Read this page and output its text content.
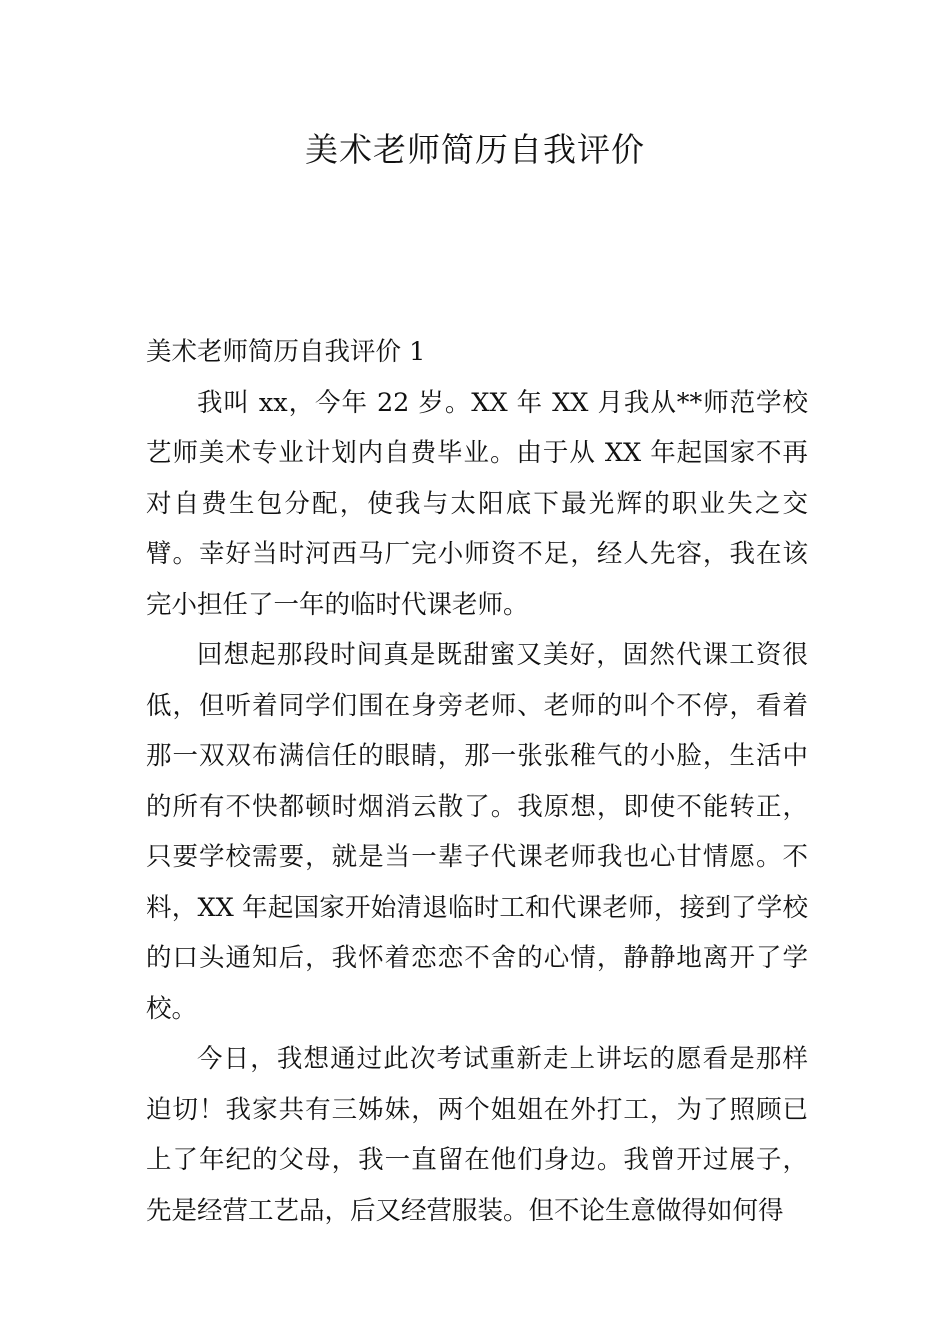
美术老师简历自我评价

美术老师简历自我评价 1

我叫 xx，今年 22 岁。XX 年 XX 月我从**师范学校艺师美术专业计划内自费毕业。由于从 XX 年起国家不再对自费生包分配，使我与太阳底下最光辉的职业失之交臂。幸好当时河西马厂完小师资不足，经人先容，我在该完小担任了一年的临时代课老师。

回想起那段时间真是既甜蜜又美好，固然代课工资很低，但听着同学们围在身旁老师、老师的叫个不停，看着那一双双布满信任的眼睛，那一张张稚气的小脸，生活中的所有不快都顿时烟消云散了。我原想，即使不能转正，只要学校需要，就是当一辈子代课老师我也心甘情愿。不料，XX 年起国家开始清退临时工和代课老师，接到了学校的口头通知后，我怀着恋恋不舍的心情，静静地离开了学校。

今日，我想通过此次考试重新走上讲坛的愿看是那样迫切！我家共有三姊妹，两个姐姐在外打工，为了照顾已上了年纪的父母，我一直留在他们身边。我曾开过展子，先是经营工艺品，后又经营服装。但不论生意做得如何得
